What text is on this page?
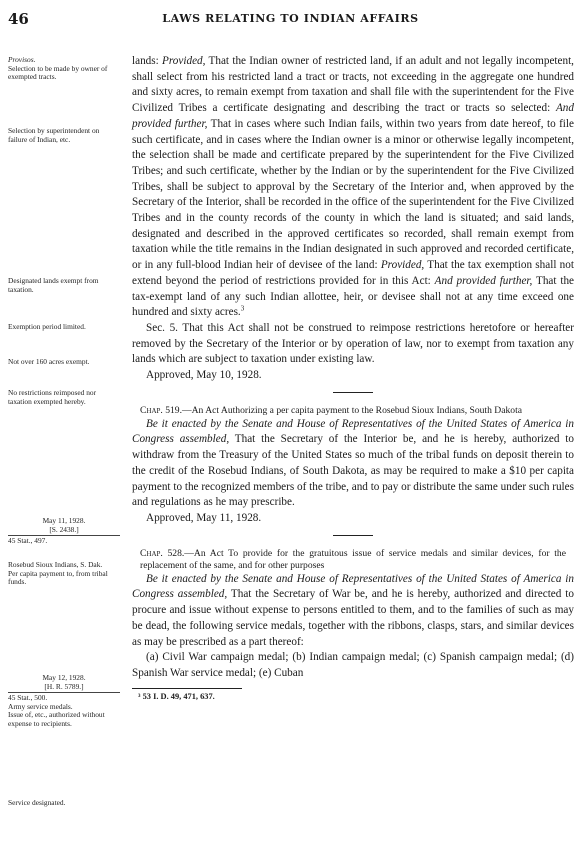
46	LAWS RELATING TO INDIAN AFFAIRS
Provisos.
Selection to be made by owner of exempted tracts.
Selection by superintendent on failure of Indian, etc.
Designated lands exempt from taxation.
Exemption period limited.
Not over 160 acres exempt.
No restrictions reimposed nor taxation exempted hereby.
May 11, 1928.
[S. 2438.]
45 Stat., 497.
Rosebud Sioux Indians, S. Dak.
Per capita payment to, from tribal funds.
May 12, 1928.
[H. R. 5789.]
45 Stat., 500.
Army service medals.
Issue of, etc., authorized without expense to recipients.
Service designated.

lands: Provided, That the Indian owner of restricted land, if an adult and not legally incompetent, shall select from his restricted land a tract or tracts, not exceeding in the aggregate one hundred and sixty acres, to remain exempt from taxation and shall file with the superintendent for the Five Civilized Tribes a certificate designating and describing the tract or tracts so selected: And provided further, That in cases where such Indian fails, within two years from date hereof, to file such certificate, and in cases where the Indian owner is a minor or otherwise legally incompetent, the selection shall be made and certificate prepared by the superintendent for the Five Civilized Tribes; and such certificate, whether by the Indian or by the superintendent for the Five Civilized Tribes, shall be subject to approval by the Secretary of the Interior and, when approved by the Secretary of the Interior, shall be recorded in the office of the superintendent for the Five Civilized Tribes and in the county records of the county in which the land is situated; and said lands, designated and described in the approved certificates so recorded, shall remain exempt from taxation while the title remains in the Indian designated in such approved and recorded certificate, or in any full-blood Indian heir of devisee of the land: Provided, That the tax exemption shall not extend beyond the period of restrictions provided for in this Act: And provided further, That the tax-exempt land of any such Indian allottee, heir, or devisee shall not at any time exceed one hundred and sixty acres.$^3$

Sec. 5. That this Act shall not be construed to reimpose restrictions heretofore or hereafter removed by the Secretary of the Interior or by operation of law, nor to exempt from taxation any lands which are subject to taxation under existing law.

Approved, May 10, 1928.

Chap. 519.—An Act Authorizing a per capita payment to the Rosebud Sioux Indians, South Dakota

Be it enacted by the Senate and House of Representatives of the United States of America in Congress assembled, That the Secretary of the Interior be, and he is hereby, authorized to withdraw from the Treasury of the United States so much of the tribal funds on deposit therein to the credit of the Rosebud Indians, of South Dakota, as may be required to make a $10 per capita payment to the recognized members of the tribe, and to pay or distribute the same under such rules and regulations as he may prescribe.

Approved, May 11, 1928.

Chap. 528.—An Act To provide for the gratuitous issue of service medals and similar devices, for the replacement of the same, and for other purposes

Be it enacted by the Senate and House of Representatives of the United States of America in Congress assembled, That the Secretary of War be, and he is hereby, authorized and directed to procure and issue without expense to persons entitled to them, and to the families of such as may be dead, the following service medals, together with the ribbons, clasps, stars, and similar devices as may be prescribed as a part thereof:

(a) Civil War campaign medal; (b) Indian campaign medal; (c) Spanish campaign medal; (d) Spanish War service medal; (e) Cuban

³ 53 I. D. 49, 471, 637.
